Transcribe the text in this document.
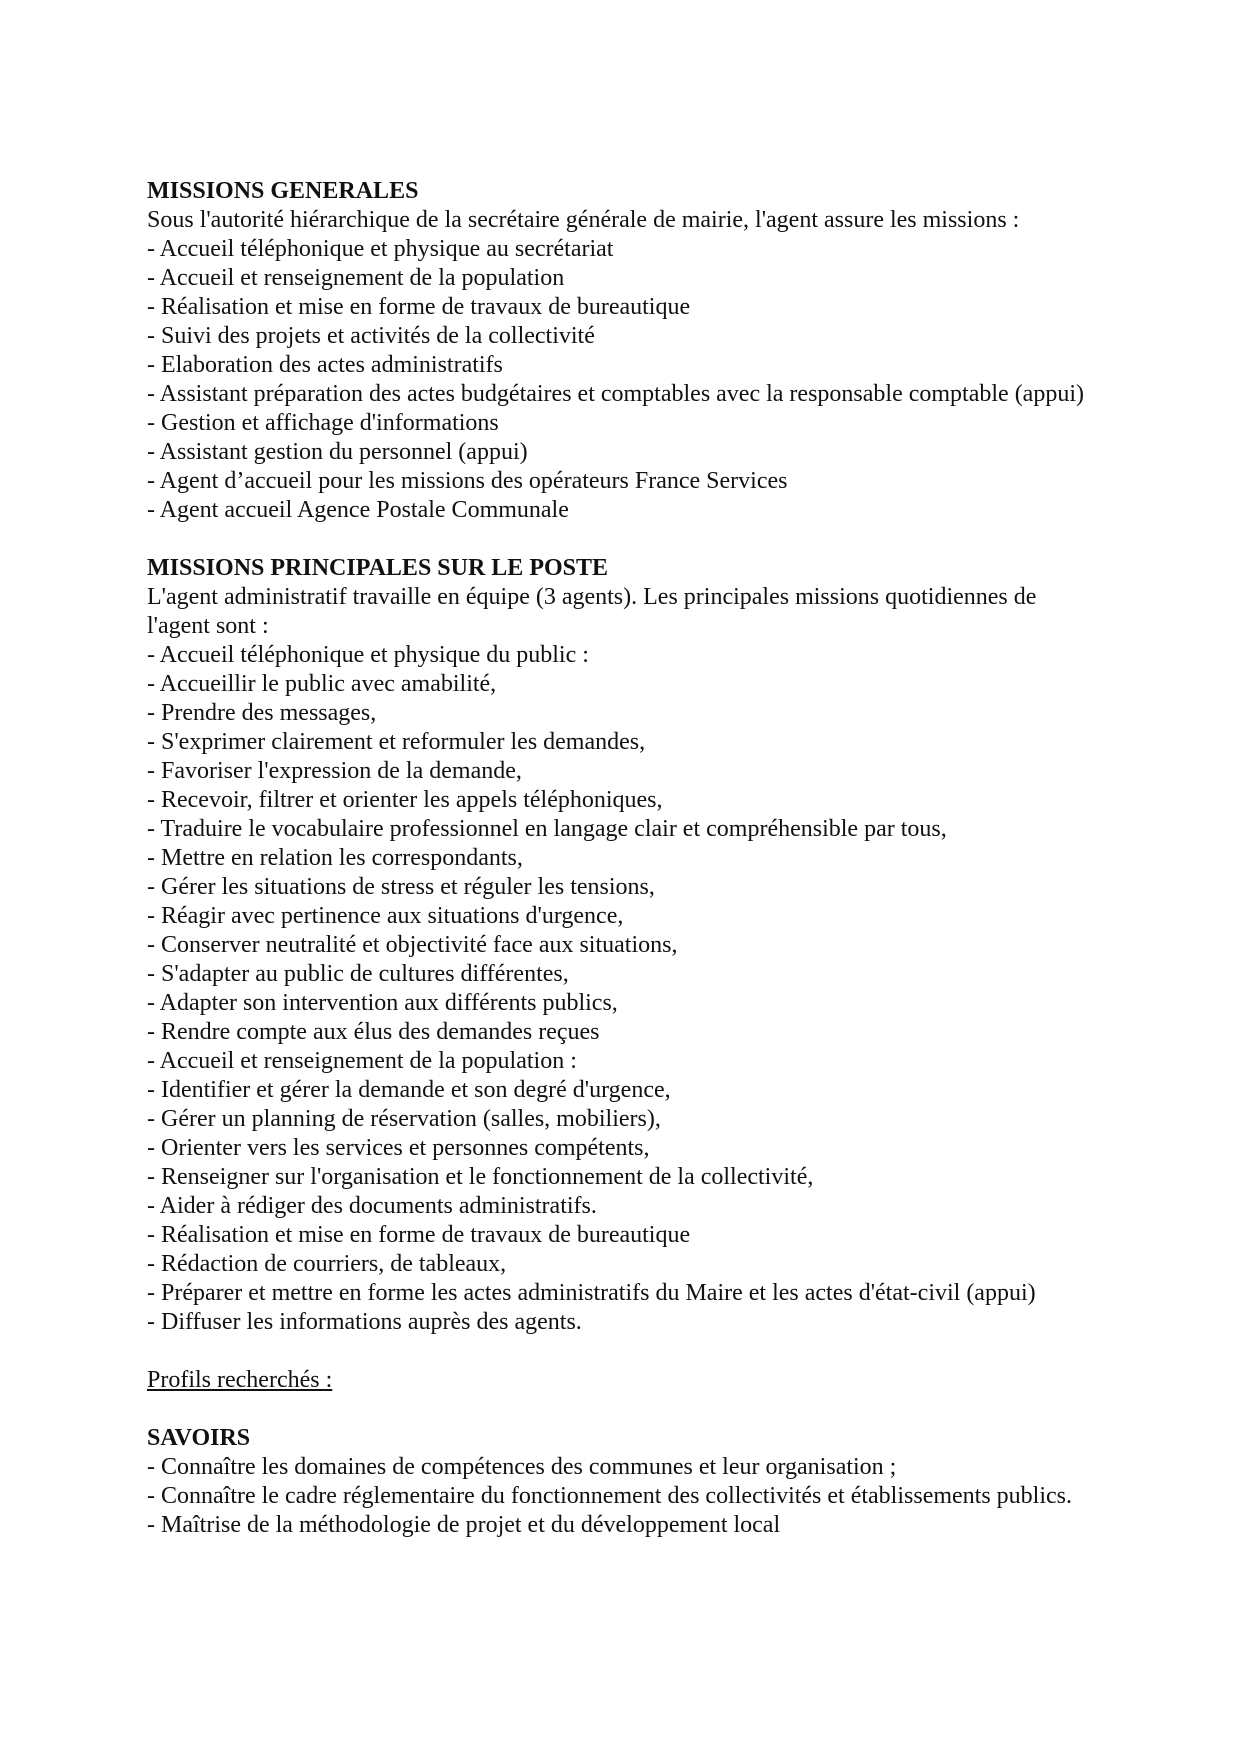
MISSIONS GENERALES
Sous l'autorité hiérarchique de la secrétaire générale de mairie, l'agent assure les missions :
- Accueil téléphonique et physique au secrétariat
- Accueil et renseignement de la population
- Réalisation et mise en forme de travaux de bureautique
- Suivi des projets et activités de la collectivité
- Elaboration des actes administratifs
- Assistant préparation des actes budgétaires et comptables avec la responsable comptable (appui)
- Gestion et affichage d'informations
- Assistant gestion du personnel (appui)
- Agent d’accueil pour les missions des opérateurs France Services
- Agent accueil Agence Postale Communale
MISSIONS PRINCIPALES SUR LE POSTE
L'agent administratif travaille en équipe (3 agents). Les principales missions quotidiennes de l'agent sont :
- Accueil téléphonique et physique du public :
- Accueillir le public avec amabilité,
- Prendre des messages,
- S'exprimer clairement et reformuler les demandes,
- Favoriser l'expression de la demande,
- Recevoir, filtrer et orienter les appels téléphoniques,
- Traduire le vocabulaire professionnel en langage clair et compréhensible par tous,
- Mettre en relation les correspondants,
- Gérer les situations de stress et réguler les tensions,
- Réagir avec pertinence aux situations d'urgence,
- Conserver neutralité et objectivité face aux situations,
- S'adapter au public de cultures différentes,
- Adapter son intervention aux différents publics,
- Rendre compte aux élus des demandes reçues
- Accueil et renseignement de la population :
- Identifier et gérer la demande et son degré d'urgence,
- Gérer un planning de réservation (salles, mobiliers),
- Orienter vers les services et personnes compétents,
- Renseigner sur l'organisation et le fonctionnement de la collectivité,
- Aider à rédiger des documents administratifs.
- Réalisation et mise en forme de travaux de bureautique
- Rédaction de courriers, de tableaux,
- Préparer et mettre en forme les actes administratifs du Maire et les actes d'état-civil (appui)
- Diffuser les informations auprès des agents.
Profils recherchés :
SAVOIRS
- Connaître les domaines de compétences des communes et leur organisation ;
- Connaître le cadre réglementaire du fonctionnement des collectivités et établissements publics.
- Maîtrise de la méthodologie de projet et du développement local
